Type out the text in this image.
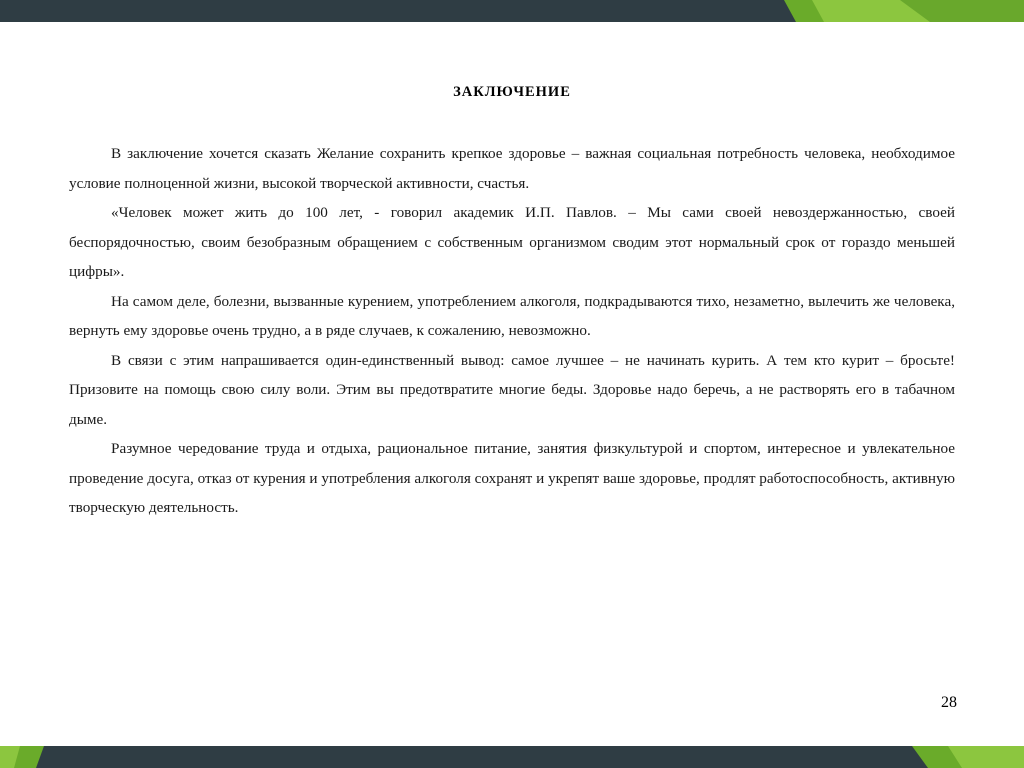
ЗАКЛЮЧЕНИЕ

В заключение хочется сказать Желание сохранить крепкое здоровье – важная социальная потребность человека, необходимое условие полноценной жизни, высокой творческой активности, счастья.

«Человек может жить до 100 лет, - говорил академик И.П. Павлов. – Мы сами своей невоздержанностью, своей беспорядочностью, своим безобразным обращением с собственным организмом сводим этот нормальный срок от гораздо меньшей цифры».

На самом деле, болезни, вызванные курением, употреблением алкоголя, подкрадываются тихо, незаметно, вылечить же человека, вернуть ему здоровье очень трудно, а в ряде случаев, к сожалению, невозможно.

В связи с этим напрашивается один-единственный вывод: самое лучшее – не начинать курить. А тем кто курит – бросьте! Призовите на помощь свою силу воли. Этим вы предотвратите многие беды. Здоровье надо беречь, а не растворять его в табачном дыме.

Разумное чередование труда и отдыха, рациональное питание, занятия физкультурой и спортом, интересное и увлекательное проведение досуга, отказ от курения и употребления алкоголя сохранят и укрепят ваше здоровье, продлят работоспособность, активную творческую деятельность.

28
